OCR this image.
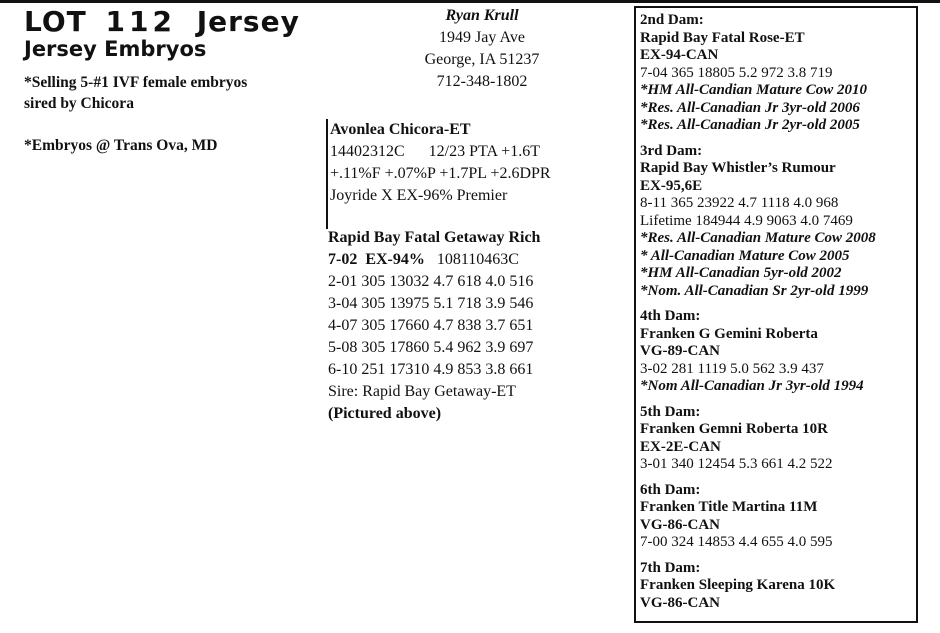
LOT 112 Jersey
Jersey Embryos
*Selling 5-#1 IVF female embryos
sired by Chicora
*Embryos @ Trans Ova, MD
Ryan Krull
1949 Jay Ave
George, IA 51237
712-348-1802
Avonlea Chicora-ET
14402312C      12/23 PTA +1.6T
+.11%F +.07%P +1.7PL +2.6DPR
Joyride X EX-96% Premier
Rapid Bay Fatal Getaway Rich
7-02  EX-94% 108110463C
2-01 305 13032 4.7 618 4.0 516
3-04 305 13975 5.1 718 3.9 546
4-07 305 17660 4.7 838 3.7 651
5-08 305 17860 5.4 962 3.9 697
6-10 251 17310 4.9 853 3.8 661
Sire: Rapid Bay Getaway-ET
(Pictured above)
2nd Dam:
Rapid Bay Fatal Rose-ET
EX-94-CAN
7-04 365 18805 5.2 972 3.8 719
*HM All-Candian Mature Cow 2010
*Res. All-Canadian Jr 3yr-old 2006
*Res. All-Canadian Jr 2yr-old 2005
3rd Dam:
Rapid Bay Whistler’s Rumour
EX-95,6E
8-11 365 23922 4.7 1118 4.0 968
Lifetime 184944 4.9 9063 4.0 7469
*Res. All-Canadian Mature Cow 2008
* All-Canadian Mature Cow 2005
*HM All-Canadian 5yr-old 2002
*Nom. All-Canadian Sr 2yr-old 1999
4th Dam:
Franken G Gemini Roberta
VG-89-CAN
3-02 281 1119 5.0 562 3.9 437
*Nom All-Canadian Jr 3yr-old 1994
5th Dam:
Franken Gemni Roberta 10R
EX-2E-CAN
3-01 340 12454 5.3 661 4.2 522
6th Dam:
Franken Title Martina 11M
VG-86-CAN
7-00 324 14853 4.4 655 4.0 595
7th Dam:
Franken Sleeping Karena 10K
VG-86-CAN
